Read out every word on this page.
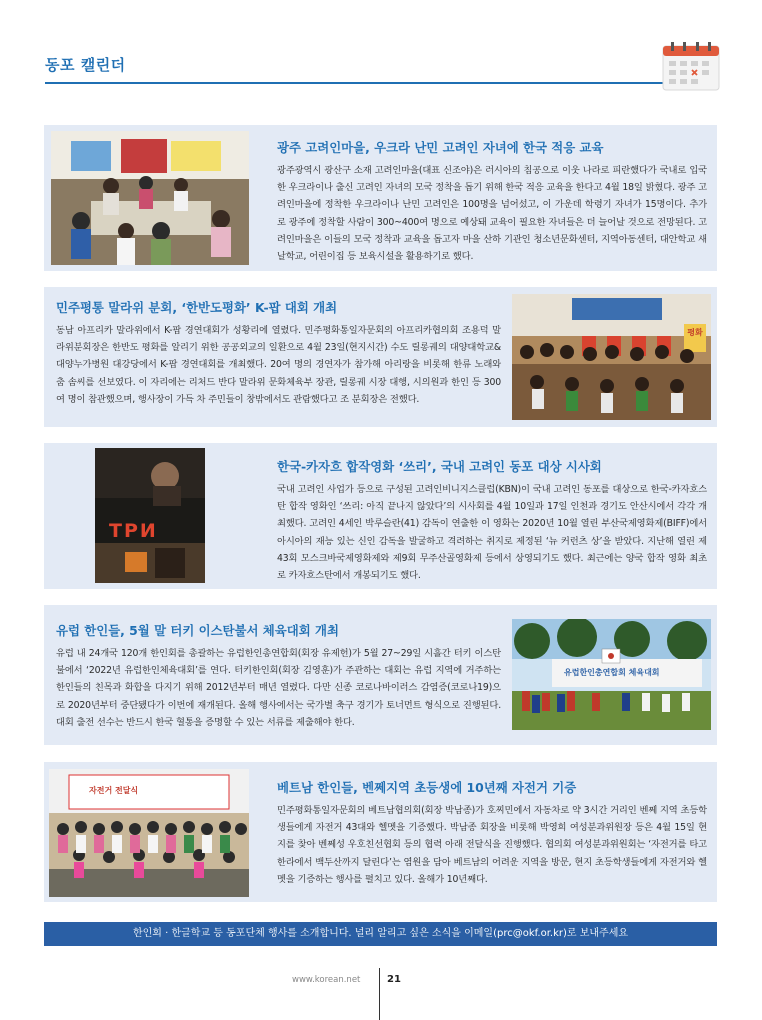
동포 캘린더
광주 고려인마을, 우크라 난민 고려인 자녀에 한국 적응 교육

광주광역시 광산구 소재 고려인마을(대표 신조야)은 러시아의 침공으로 이웃 나라로 피란했다가 국내로 입국한 우크라이나 출신 고려인 자녀의 모국 정착을 돕기 위해 한국 적응 교육을 한다고 4월 18일 밝혔다. 광주 고려인마을에 정착한 우크라이나 난민 고려인은 100명을 넘어섰고, 이 가운데 학령기 자녀가 15명이다. 추가로 광주에 정착할 사람이 300~400여 명으로 예상돼 교육이 필요한 자녀들은 더 늘어날 것으로 전망된다. 고려인마을은 이들의 모국 정착과 교육을 돕고자 마을 산하 기관인 청소년문화센터, 지역아동센터, 대안학교 새날학교, 어린이집 등 보육시설을 활용하기로 했다.

민주평통 말라위 분회, ‘한반도평화’ K-팝 대회 개최

동남 아프리카 말라위에서 K-팝 경연대회가 성황리에 열렸다. 민주평화통일자문회의 아프리카협의회 조용덕 말라위분회장은 한반도 평화를 알리기 위한 공공외교의 일환으로 4월 23일(현지시간) 수도 릴롱궤의 대양대학교&대양누가병원 대강당에서 K-팝 경연대회를 개최했다. 20여 명의 경연자가 참가해 아리랑을 비롯해 한류 노래와 춤 솜씨를 선보였다. 이 자리에는 리처드 반다 말라위 문화체육부 장관, 릴롱궤 시장 대행, 시의원과 한인 등 300여 명이 참관했으며, 행사장이 가득 차 주민들이 창밖에서도 관람했다고 조 분회장은 전했다.

평화
ТРИ
한국-카자흐 합작영화 ‘쓰리’, 국내 고려인 동포 대상 시사회

국내 고려인 사업가 등으로 구성된 고려인비니지스클럽(KBN)이 국내 고려인 동포를 대상으로 한국-카자흐스탄 합작 영화인 ‘쓰리: 아직 끝나지 않았다’의 시사회를 4월 10일과 17일 인천과 경기도 안산시에서 각각 개최했다. 고려인 4세인 박루슬란(41) 감독이 연출한 이 영화는 2020년 10월 열린 부산국제영화제(BIFF)에서 아시아의 재능 있는 신인 감독을 발굴하고 격려하는 취지로 제정된 ‘뉴 커런츠 상’을 받았다. 지난해 열린 제43회 모스크바국제영화제와 제9회 무주산골영화제 등에서 상영되기도 했다. 최근에는 양국 합작 영화 최초로 카자흐스탄에서 개봉되기도 했다.

유럽 한인들, 5월 말 터키 이스탄불서 체육대회 개최

유럽 내 24개국 120개 한인회를 총괄하는 유럽한인총연합회(회장 유제헌)가 5월 27~29일 시흘간 터키 이스탄불에서 ‘2022년 유럽한인체육대회’를 연다. 터키한인회(회장 김영훈)가 주관하는 대회는 유럽 지역에 거주하는 한인들의 친목과 화합을 다지기 위해 2012년부터 매년 열렸다. 다만 신종 코로나바이러스 감염증(코로나19)으로 2020년부터 중단됐다가 이번에 재개된다. 올해 행사에서는 국가별 축구 경기가 토너먼트 형식으로 진행된다. 대회 출전 선수는 반드시 한국 혈통을 증명할 수 있는 서류를 제출해야 한다.

유럽한인총연합회 체육대회
자전거 전달식	베트남 한인들, 벤쩨지역 초등생에 10년째 자전거 기증

민주평화통일자문회의 베트남협의회(회장 박남종)가 호찌민에서 자동차로 약 3시간 거리인 벤쩨 지역 초등학생들에게 자전거 43대와 헬멧을 기증했다. 박남종 회장을 비롯해 박영희 여성분과위원장 등은 4월 15일 현지를 찾아 벤쩨성 우호친선협회 등의 협력 아래 전달식을 진행했다. 협의회 여성분과위원회는 ‘자전거를 타고 한라에서 백두산까지 달린다’는 염원을 담아 베트남의 어려운 지역을 방문, 현지 초등학생들에게 자전거와 헬멧을 기증하는 행사를 펼치고 있다. 올해가 10년째다.

한인회 · 한글학교 등 동포단체 행사를 소개합니다. 널리 알리고 싶은 소식을 이메일(prc@okf.or.kr)로 보내주세요
www.korean.net	21
